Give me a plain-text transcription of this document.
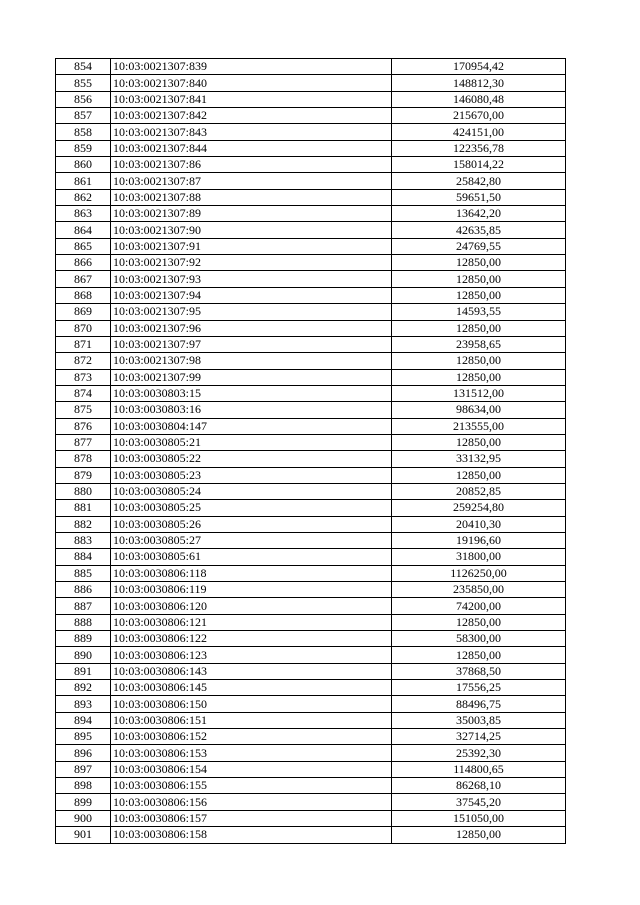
854	10:03:0021307:839	170954,42
855	10:03:0021307:840	148812,30
856	10:03:0021307:841	146080,48
857	10:03:0021307:842	215670,00
858	10:03:0021307:843	424151,00
859	10:03:0021307:844	122356,78
860	10:03:0021307:86	158014,22
861	10:03:0021307:87	25842,80
862	10:03:0021307:88	59651,50
863	10:03:0021307:89	13642,20
864	10:03:0021307:90	42635,85
865	10:03:0021307:91	24769,55
866	10:03:0021307:92	12850,00
867	10:03:0021307:93	12850,00
868	10:03:0021307:94	12850,00
869	10:03:0021307:95	14593,55
870	10:03:0021307:96	12850,00
871	10:03:0021307:97	23958,65
872	10:03:0021307:98	12850,00
873	10:03:0021307:99	12850,00
874	10:03:0030803:15	131512,00
875	10:03:0030803:16	98634,00
876	10:03:0030804:147	213555,00
877	10:03:0030805:21	12850,00
878	10:03:0030805:22	33132,95
879	10:03:0030805:23	12850,00
880	10:03:0030805:24	20852,85
881	10:03:0030805:25	259254,80
882	10:03:0030805:26	20410,30
883	10:03:0030805:27	19196,60
884	10:03:0030805:61	31800,00
885	10:03:0030806:118	1126250,00
886	10:03:0030806:119	235850,00
887	10:03:0030806:120	74200,00
888	10:03:0030806:121	12850,00
889	10:03:0030806:122	58300,00
890	10:03:0030806:123	12850,00
891	10:03:0030806:143	37868,50
892	10:03:0030806:145	17556,25
893	10:03:0030806:150	88496,75
894	10:03:0030806:151	35003,85
895	10:03:0030806:152	32714,25
896	10:03:0030806:153	25392,30
897	10:03:0030806:154	114800,65
898	10:03:0030806:155	86268,10
899	10:03:0030806:156	37545,20
900	10:03:0030806:157	151050,00
901	10:03:0030806:158	12850,00
